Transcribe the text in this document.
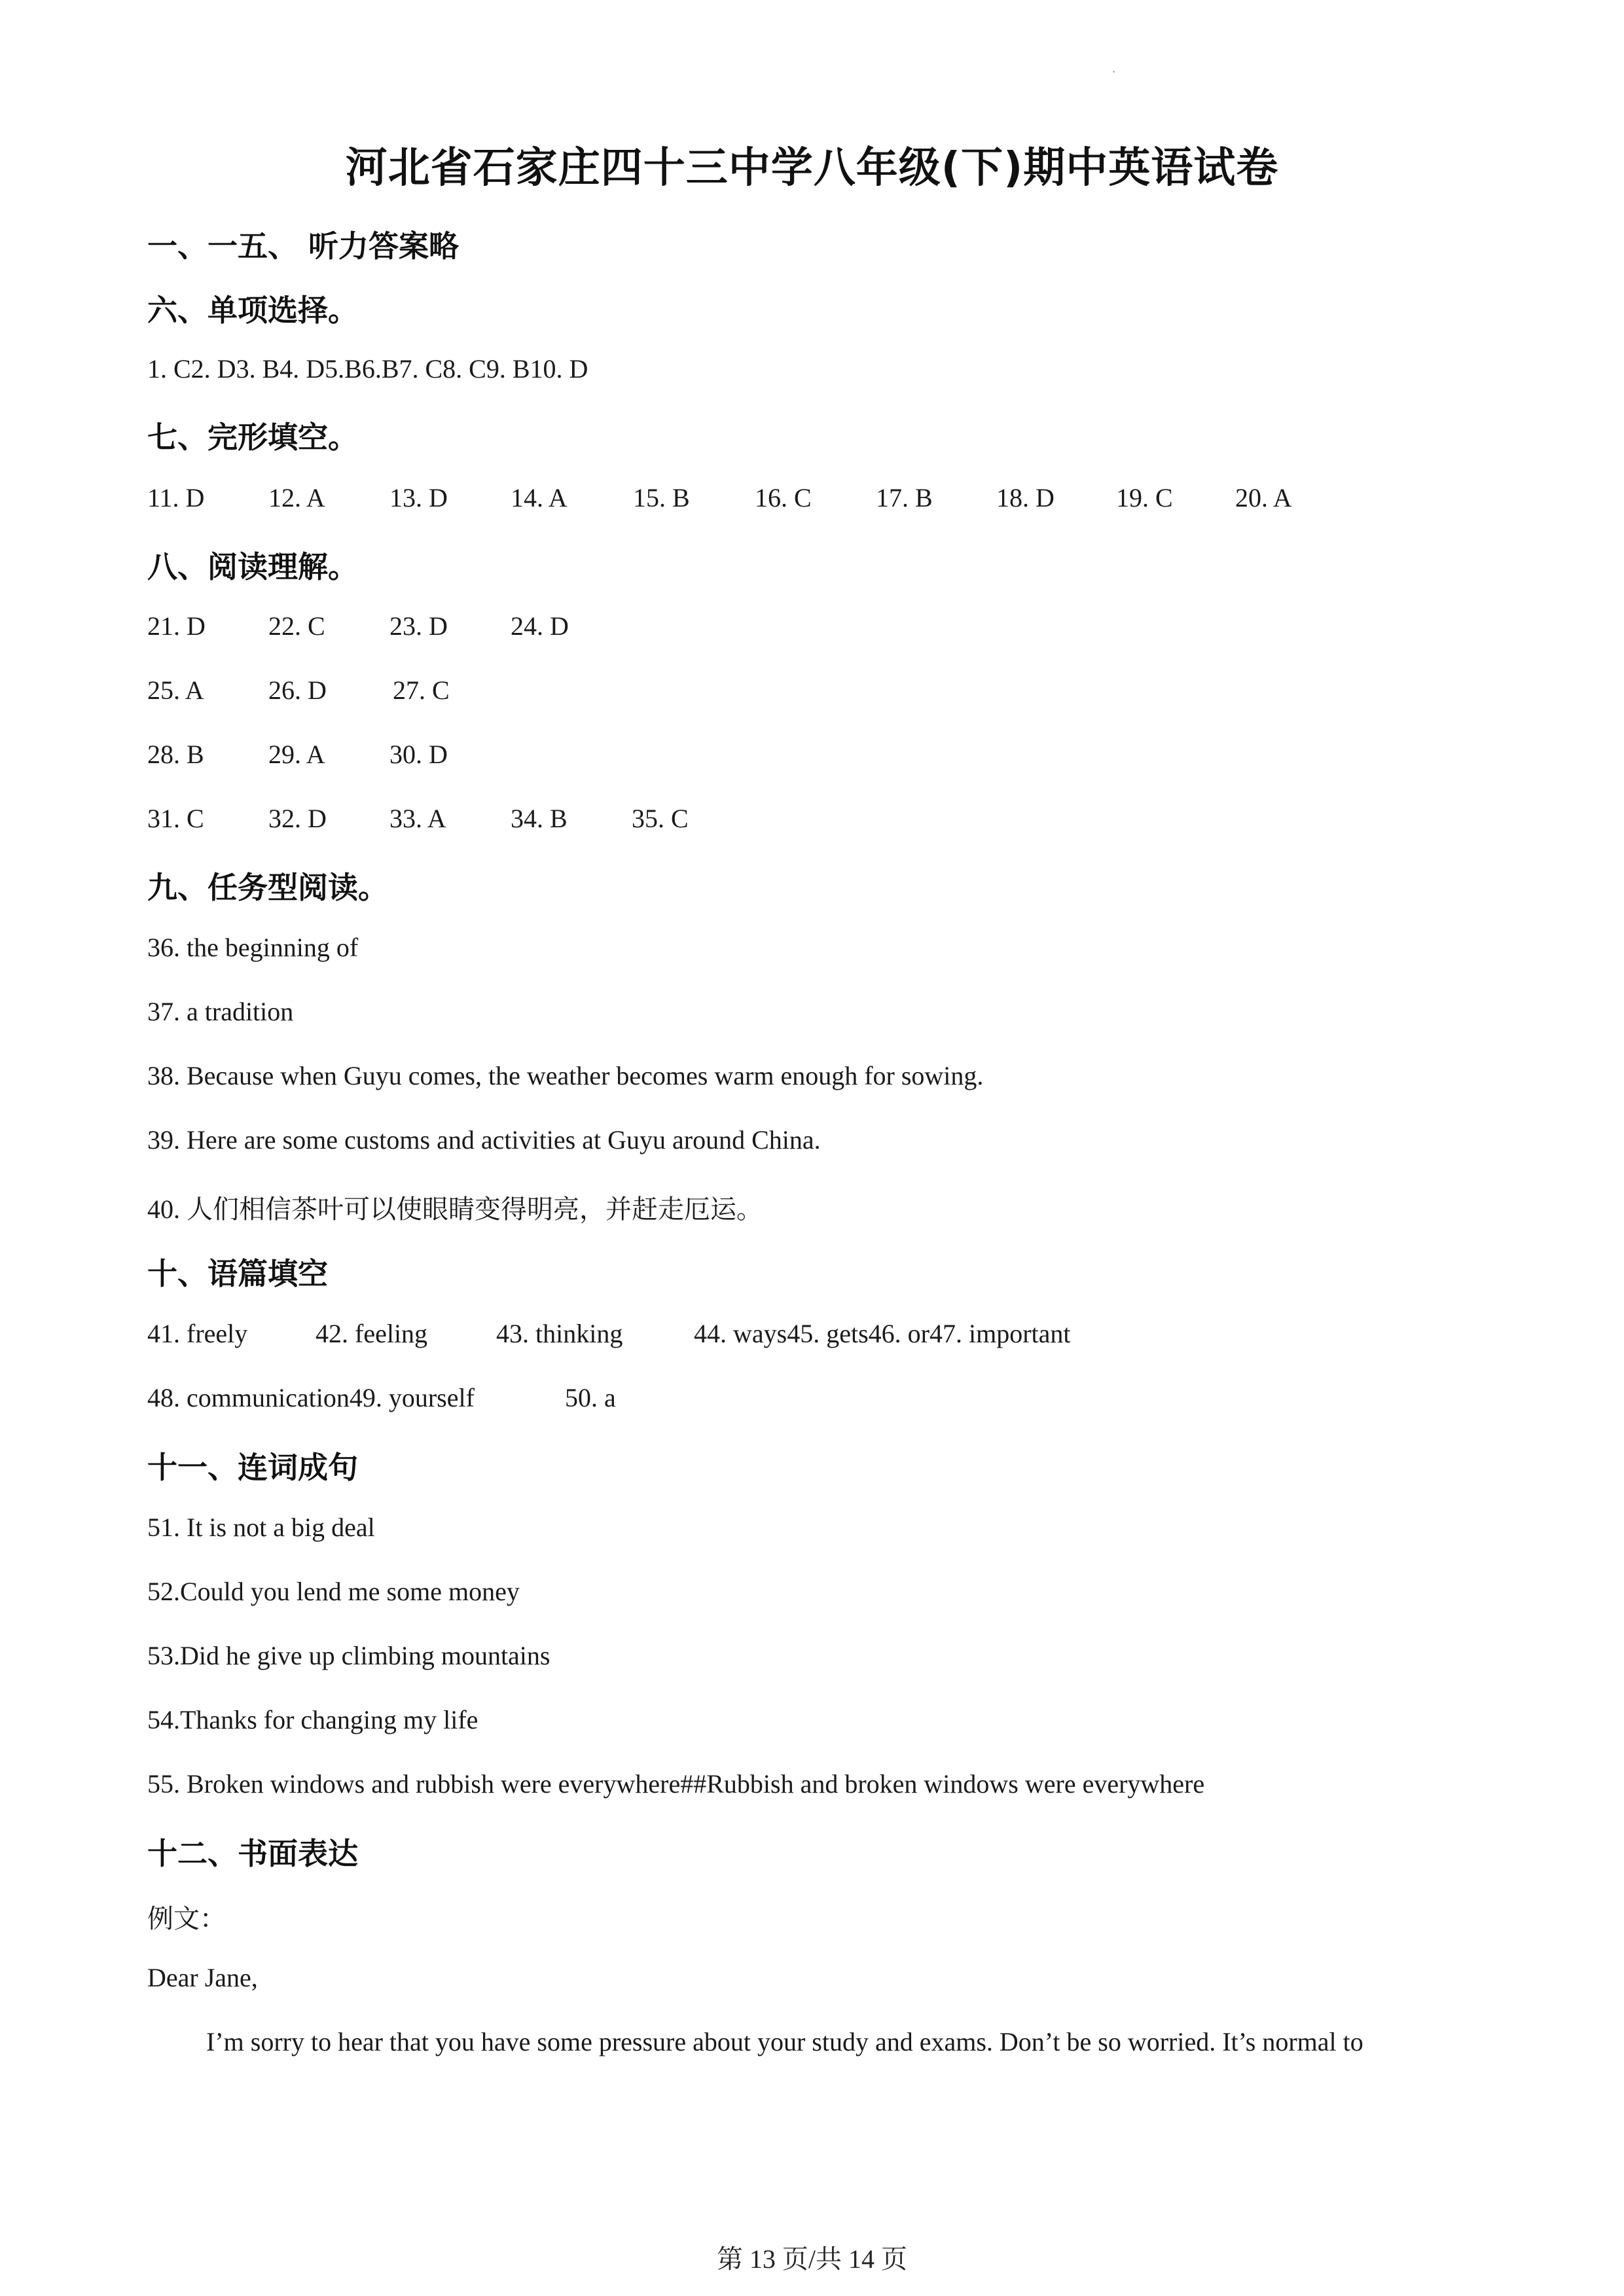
河北省石家庄四十三中学八年级(下)期中英语试卷
一、一五、 听力答案略
六、单项选择。
1. C2. D3. B4. D5.B6.B7. C8. C9. B10. D
七、完形填空。
11. D 12. A 13. D 14. A	15. B 16. C 17. B 18. D 19. C 20. A
八、阅读理解。
21. D 22. C 23. D 24. D
25. A 26. D	27. C
28. B 29. A 30. D
31. C 32. D 33. A 34. B 35. C
九、任务型阅读。
36. the beginning of
37. a tradition
38. Because when Guyu comes, the weather becomes warm enough for sowing.
39. Here are some customs and activities at Guyu around China.
40. 人们相信茶叶可以使眼睛变得明亮，并赶走厄运。
十、语篇填空
41. freely	42. feeling	43. thinking	44. ways45. gets46. or47. important
48. communication49. yourself	50. a
十一、连词成句
51. It is not a big deal
52.Could you lend me some money
53.Did he give up climbing mountains
54.Thanks for changing my life
55. Broken windows and rubbish were everywhere##Rubbish and broken windows were everywhere
十二、书面表达
例文：
Dear Jane,
I’m sorry to hear that you have some pressure about your study and exams. Don’t be so worried. It’s normal to
第 13 页/共 14 页
